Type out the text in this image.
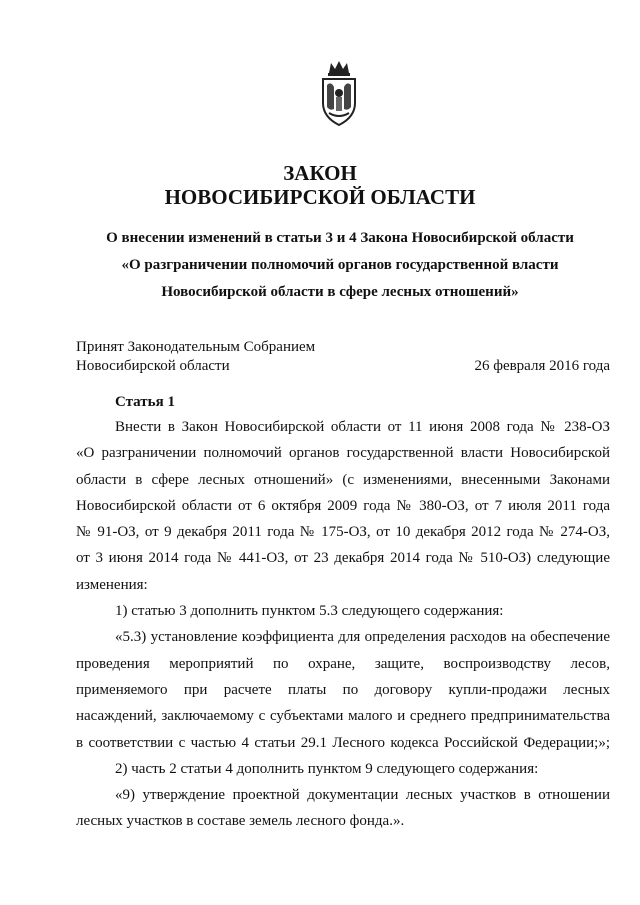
ЗАКОН
НОВОСИБИРСКОЙ ОБЛАСТИ
О внесении изменений в статьи 3 и 4 Закона Новосибирской области
«О разграничении полномочий органов государственной власти
Новосибирской области в сфере лесных отношений»
Принят Законодательным Собранием
Новосибирской области	26 февраля 2016 года
Статья 1
Внести в Закон Новосибирской области от 11 июня 2008 года № 238-ОЗ
«О разграничении полномочий органов государственной власти Новосибирской
области в сфере лесных отношений» (с изменениями, внесенными Законами
Новосибирской области от 6 октября 2009 года № 380-ОЗ, от 7 июля 2011 года
№ 91-ОЗ, от 9 декабря 2011 года № 175-ОЗ, от 10 декабря 2012 года № 274-ОЗ,
от 3 июня 2014 года № 441-ОЗ, от 23 декабря 2014 года № 510-ОЗ) следующие
изменения:
1) статью 3 дополнить пунктом 5.3 следующего содержания:
«5.3) установление коэффициента для определения расходов на обеспечение
проведения мероприятий по охране, защите, воспроизводству лесов,
применяемого при расчете платы по договору купли-продажи лесных
насаждений, заключаемому с субъектами малого и среднего предпринимательства
в соответствии с частью 4 статьи 29.1 Лесного кодекса Российской Федерации;»;
2) часть 2 статьи 4 дополнить пунктом 9 следующего содержания:
«9) утверждение проектной документации лесных участков в отношении
лесных участков в составе земель лесного фонда.».
